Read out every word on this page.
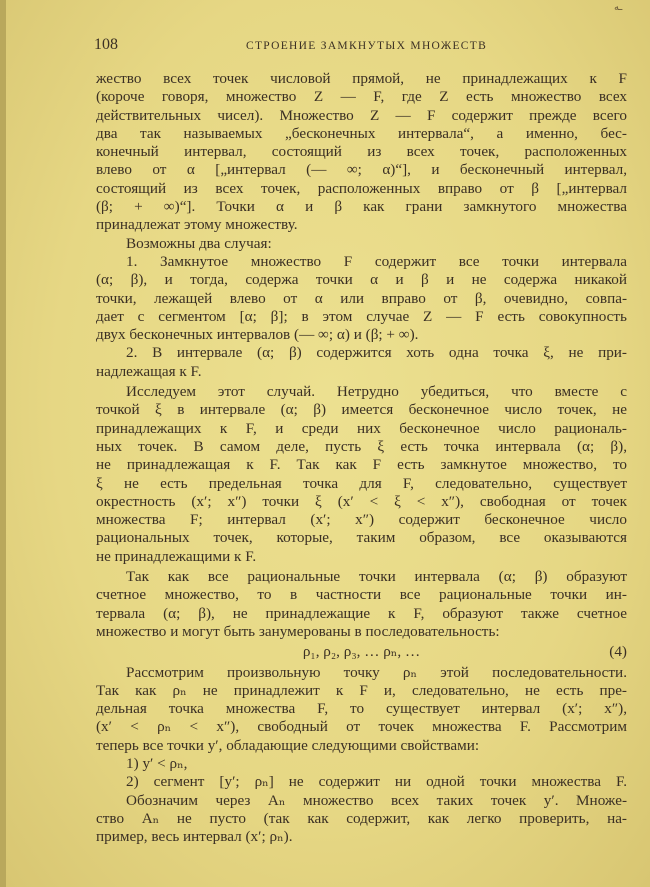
108	СТРОЕНИЕ ЗАМКНУТЫХ МНОЖЕСТВ
ـﻪ
жество всех точек числовой прямой, не принадлежащих к F
(короче говоря, множество Z — F, где Z есть множество всех
действительных чисел). Множество Z — F содержит прежде всего
два так называемых „бесконечных интервала“, а именно, бес-
конечный интервал, состоящий из всех точек, расположенных
влево от α [„интервал (— ∞; α)“], и бесконечный интервал,
состоящий из всех точек, расположенных вправо от β [„интервал
(β; + ∞)“]. Точки α и β как грани замкнутого множества
принадлежат этому множеству.
Возможны два случая:
1. Замкнутое множество F содержит все точки интервала
(α; β), и тогда, содержа точки α и β и не содержа никакой
точки, лежащей влево от α или вправо от β, очевидно, совпа-
дает с сегментом [α; β]; в этом случае Z — F есть совокупность
двух бесконечных интервалов (— ∞; α) и (β; + ∞).
2. В интервале (α; β) содержится хоть одна точка ξ, не при-
надлежащая к F.
Исследуем этот случай. Нетрудно убедиться, что вместе с
точкой ξ в интервале (α; β) имеется бесконечное число точек, не
принадлежащих к F, и среди них бесконечное число рациональ-
ных точек. В самом деле, пусть ξ есть точка интервала (α; β),
не принадлежащая к F. Так как F есть замкнутое множество, то
ξ не есть предельная точка для F, следовательно, существует
окрестность (x′; x″) точки ξ (x′ < ξ < x″), свободная от точек
множества F; интервал (x′; x″) содержит бесконечное число
рациональных точек, которые, таким образом, все оказываются
не принадлежащими к F.
Так как все рациональные точки интервала (α; β) образуют
счетное множество, то в частности все рациональные точки ин-
тервала (α; β), не принадлежащие к F, образуют также счетное
множество и могут быть занумерованы в последовательность:
ρ₁, ρ₂, ρ₃, … ρₙ, …	(4)
Рассмотрим произвольную точку ρₙ этой последовательности.
Так как ρₙ не принадлежит к F и, следовательно, не есть пре-
дельная точка множества F, то существует интервал (x′; x″),
(x′ < ρₙ < x″), свободный от точек множества F. Рассмотрим
теперь все точки y′, обладающие следующими свойствами:
1) y′ < ρₙ,
2) сегмент [y′; ρₙ] не содержит ни одной точки множества F.
Обозначим через Aₙ множество всех таких точек y′. Множе-
ство Aₙ не пусто (так как содержит, как легко проверить, на-
пример, весь интервал (x′; ρₙ).
